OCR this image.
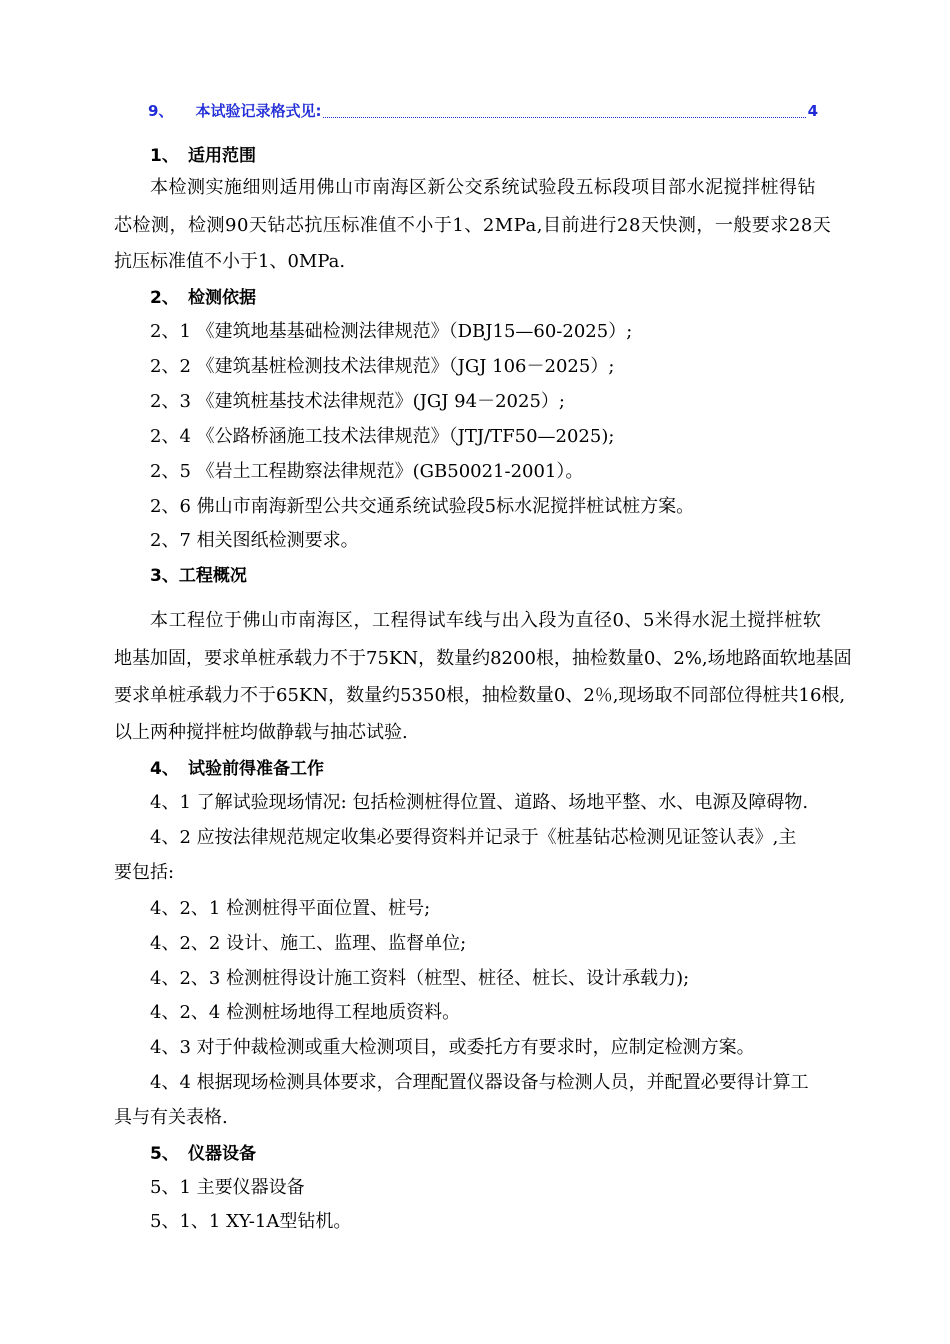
9、 本试验记录格式见:	4
1、 适用范围
本检测实施细则适用佛山市南海区新公交系统试验段五标段项目部水泥搅拌桩得钻
芯检测，检测90天钻芯抗压标准值不小于1、2MPa,目前进行28天快测，一般要求28天
抗压标准值不小于1、0MPa.
2、 检测依据
2、1 《建筑地基基础检测法律规范》（DBJ15—60-2025）;
2、2 《建筑基桩检测技术法律规范》（JGJ 106－2025）;
2、3 《建筑桩基技术法律规范》(JGJ 94－2025）;
2、4 《公路桥涵施工技术法律规范》（JTJ/TF50—2025);
2、5 《岩土工程勘察法律规范》(GB50021-2001）。
2、6 佛山市南海新型公共交通系统试验段5标水泥搅拌桩试桩方案。
2、7 相关图纸检测要求。
3、工程概况
本工程位于佛山市南海区，工程得试车线与出入段为直径0、5米得水泥土搅拌桩软
地基加固，要求单桩承载力不于75KN，数量约8200根，抽检数量0、2%,场地路面软地基固
要求单桩承载力不于65KN，数量约5350根，抽检数量0、2％,现场取不同部位得桩共16根,
以上两种搅拌桩均做静载与抽芯试验.
4、 试验前得准备工作
4、1 了解试验现场情况: 包括检测桩得位置、道路、场地平整、水、电源及障碍物.
4、2 应按法律规范规定收集必要得资料并记录于《桩基钻芯检测见证签认表》,主
要包括:
4、2、1 检测桩得平面位置、桩号;
4、2、2 设计、施工、监理、监督单位;
4、2、3 检测桩得设计施工资料（桩型、桩径、桩长、设计承载力);
4、2、4 检测桩场地得工程地质资料。
4、3 对于仲裁检测或重大检测项目，或委托方有要求时，应制定检测方案。
4、4 根据现场检测具体要求，合理配置仪器设备与检测人员，并配置必要得计算工
具与有关表格.
5、 仪器设备
5、1 主要仪器设备
5、1、1 XY-1A型钻机。
